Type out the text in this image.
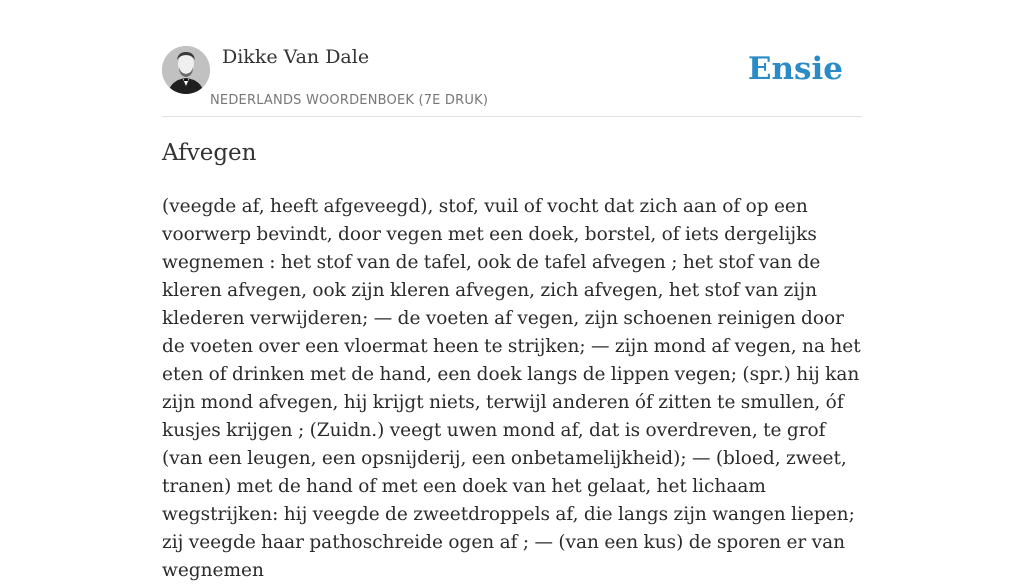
Dikke Van Dale
NEDERLANDS WOORDENBOEK (7E DRUK)
Ensie
Afvegen

(veegde af, heeft afgeveegd), stof, vuil of vocht dat zich aan of op een voorwerp bevindt, door vegen met een doek, borstel, of iets dergelijks wegnemen : het stof van de tafel, ook de tafel afvegen ; het stof van de kleren afvegen, ook zijn kleren afvegen, zich afvegen, het stof van zijn klederen verwijderen; — de voeten af vegen, zijn schoenen reinigen door de voeten over een vloermat heen te strijken; — zijn mond af vegen, na het eten of drinken met de hand, een doek langs de lippen vegen; (spr.) hij kan zijn mond afvegen, hij krijgt niets, terwijl anderen óf zitten te smullen, óf kusjes krijgen ; (Zuidn.) veegt uwen mond af, dat is overdreven, te grof (van een leugen, een opsnijderij, een onbetamelijkheid); — (bloed, zweet, tranen) met de hand of met een doek van het gelaat, het lichaam wegstrijken: hij veegde de zweetdroppels af, die langs zijn wangen liepen; zij veegde haar pathoschreide ogen af ; — (van een kus) de sporen er van wegnemen
